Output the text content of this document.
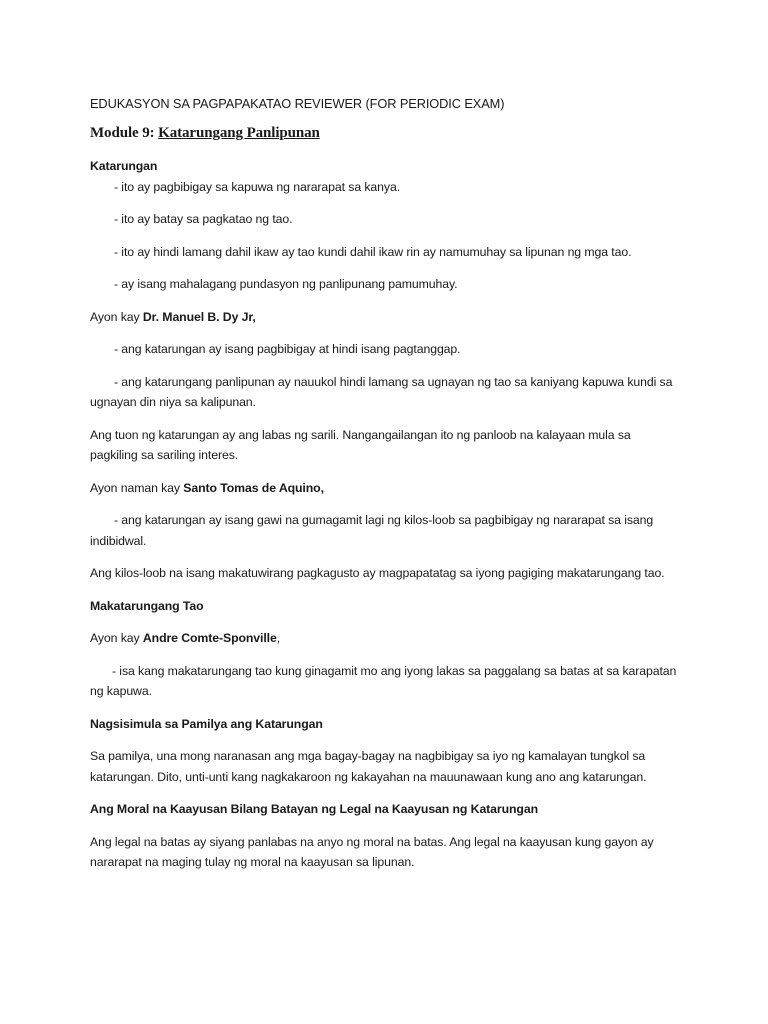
EDUKASYON SA PAGPAPAKATAO REVIEWER (FOR PERIODIC EXAM)
Module 9: Katarungang Panlipunan

Katarungan

- ito ay pagbibigay sa kapuwa ng nararapat sa kanya.

- ito ay batay sa pagkatao ng tao.

- ito ay hindi lamang dahil ikaw ay tao kundi dahil ikaw rin ay namumuhay sa lipunan ng mga tao.

- ay isang mahalagang pundasyon ng panlipunang pamumuhay.

Ayon kay Dr. Manuel B. Dy Jr,

- ang katarungan ay isang pagbibigay at hindi isang pagtanggap.

- ang katarungang panlipunan ay nauukol hindi lamang sa ugnayan ng tao sa kaniyang kapuwa kundi sa ugnayan din niya sa kalipunan.

Ang tuon ng katarungan ay ang labas ng sarili. Nangangailangan ito ng panloob na kalayaan mula sa pagkiling sa sariling interes.

Ayon naman kay Santo Tomas de Aquino,

- ang katarungan ay isang gawi na gumagamit lagi ng kilos-loob sa pagbibigay ng nararapat sa isang indibidwal.

Ang kilos-loob na isang makatuwirang pagkagusto ay magpapatatag sa iyong pagiging makatarungang tao.

Makatarungang Tao

Ayon kay Andre Comte-Sponville,

- isa kang makatarungang tao kung ginagamit mo ang iyong lakas sa paggalang sa batas at sa karapatan ng kapuwa.

Nagsisimula sa Pamilya ang Katarungan

Sa pamilya, una mong naranasan ang mga bagay-bagay na nagbibigay sa iyo ng kamalayan tungkol sa katarungan. Dito, unti-unti kang nagkakaroon ng kakayahan na mauunawaan kung ano ang katarungan.

Ang Moral na Kaayusan Bilang Batayan ng Legal na Kaayusan ng Katarungan

Ang legal na batas ay siyang panlabas na anyo ng moral na batas. Ang legal na kaayusan kung gayon ay nararapat na maging tulay ng moral na kaayusan sa lipunan.
